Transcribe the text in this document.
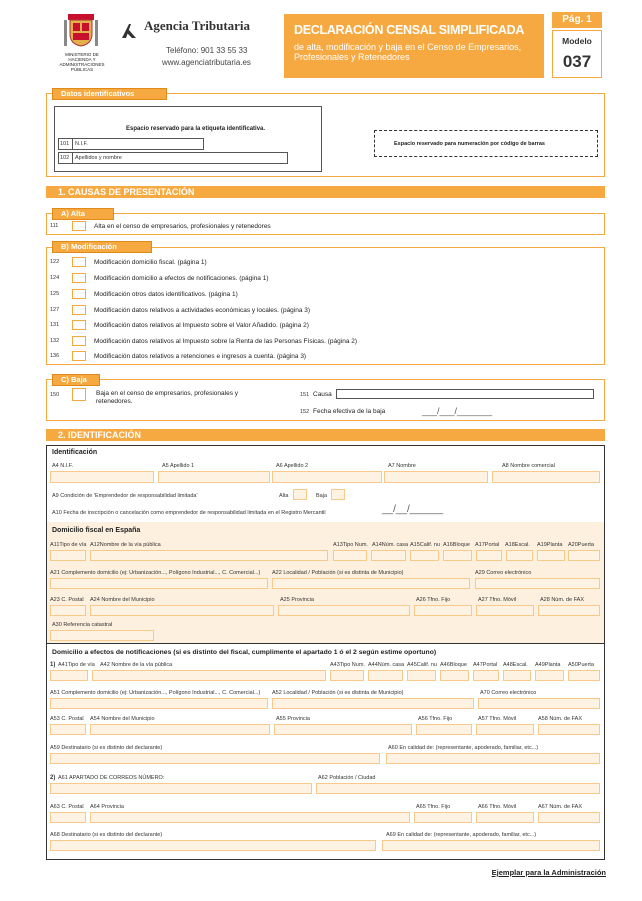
MINISTERIO DE HACIENDA Y ADMINISTRACIONES PÚBLICAS
Agencia Tributaria
Teléfono: 901 33 55 33
www.agenciatributaria.es
DECLARACIÓN CENSAL SIMPLIFICADA
de alta, modificación y baja en el Censo de Empresarios, Profesionales y Retenedores
Pág. 1
Modelo
037
Datos identificativos
Espacio reservado para la etiqueta identificativa.
101 N.I.F.
102 Apellidos y nombre
Espacio reservado para numeración por código de barras
1. CAUSAS DE PRESENTACIÓN
A) Alta
111	Alta en el censo de empresarios, profesionales y retenedores
B) Modificación
122	Modificación domicilio fiscal. (página 1)
124	Modificación domicilio a efectos de notificaciones. (página 1)
125	Modificación otros datos identificativos. (página 1)
127	Modificación datos relativos a actividades económicas y locales. (página 3)
131	Modificación datos relativos al Impuesto sobre el Valor Añadido. (página 2)
132	Modificación datos relativos al Impuesto sobre la Renta de las Personas Físicas. (página 2)
136	Modificación datos relativos a retenciones e ingresos a cuenta. (página 3)
C) Baja
150	Baja en el censo de empresarios, profesionales y retenedores.
151 Causa
152 Fecha efectiva de la baja	___/___/_______
2. IDENTIFICACIÓN
Identificación
A4 N.I.F.	A5 Apellido 1	A6 Apellido 2	A7 Nombre	A8 Nombre comercial
A9 Condición de 'Emprendedor de responsabilidad limitada'	Alta	Baja
A10 Fecha de inscripción o cancelación como emprendedor de responsabilidad limitada en el Registro Mercantil	__/__/______
Domicilio fiscal en España
A11Tipo de vía A12Nombre de la vía pública	A13Tipo Num. A14Núm. casa A15Calif. nu A16Bloque A17Portal A18Escal. A19Planta A20Puerta
A21 Complemento domicilio (ej: Urbanización..., Polígono Industrial..., C. Comercial...) A22 Localidad / Población (si es distinta de Municipio)	A29 Correo electrónico
A23 C. Postal A24 Nombre del Municipio	A25 Provincia	A26 Tfno. Fijo	A27 Tfno. Móvil	A28 Núm. de FAX
A30 Referencia catastral
Domicilio a efectos de notificaciones (si es distinto del fiscal, cumplimente el apartado 1 ó el 2 según estime oportuno)
1) A41Tipo de vía A42 Nombre de la vía pública	A43Tipo Num. A44Núm. casa A45Calif. nu A46Bloque A47Portal A48Escal. A49Planta A50Puerta
A51 Complemento domicilio (ej: Urbanización..., Polígono Industrial..., C. Comercial...) A52 Localidad / Población (si es distinta de Municipio)	A70 Correo electrónico
A53 C. Postal A54 Nombre del Municipio	A55 Provincia	A56 Tfno. Fijo	A57 Tfno. Móvil	A58 Núm. de FAX
A59 Destinatario (si es distinto del declarante)	A60 En calidad de: (representante, apoderado, familiar, etc...)
2) A61 APARTADO DE CORREOS NÚMERO:	A62 Población / Ciudad
A63 C. Postal A64 Provincia	A65 Tfno. Fijo	A66 Tfno. Móvil	A67 Núm. de FAX
A68 Destinatario (si es distinto del declarante)	A69 En calidad de: (representante, apoderado, familiar, etc...)
Ejemplar para la Administración
